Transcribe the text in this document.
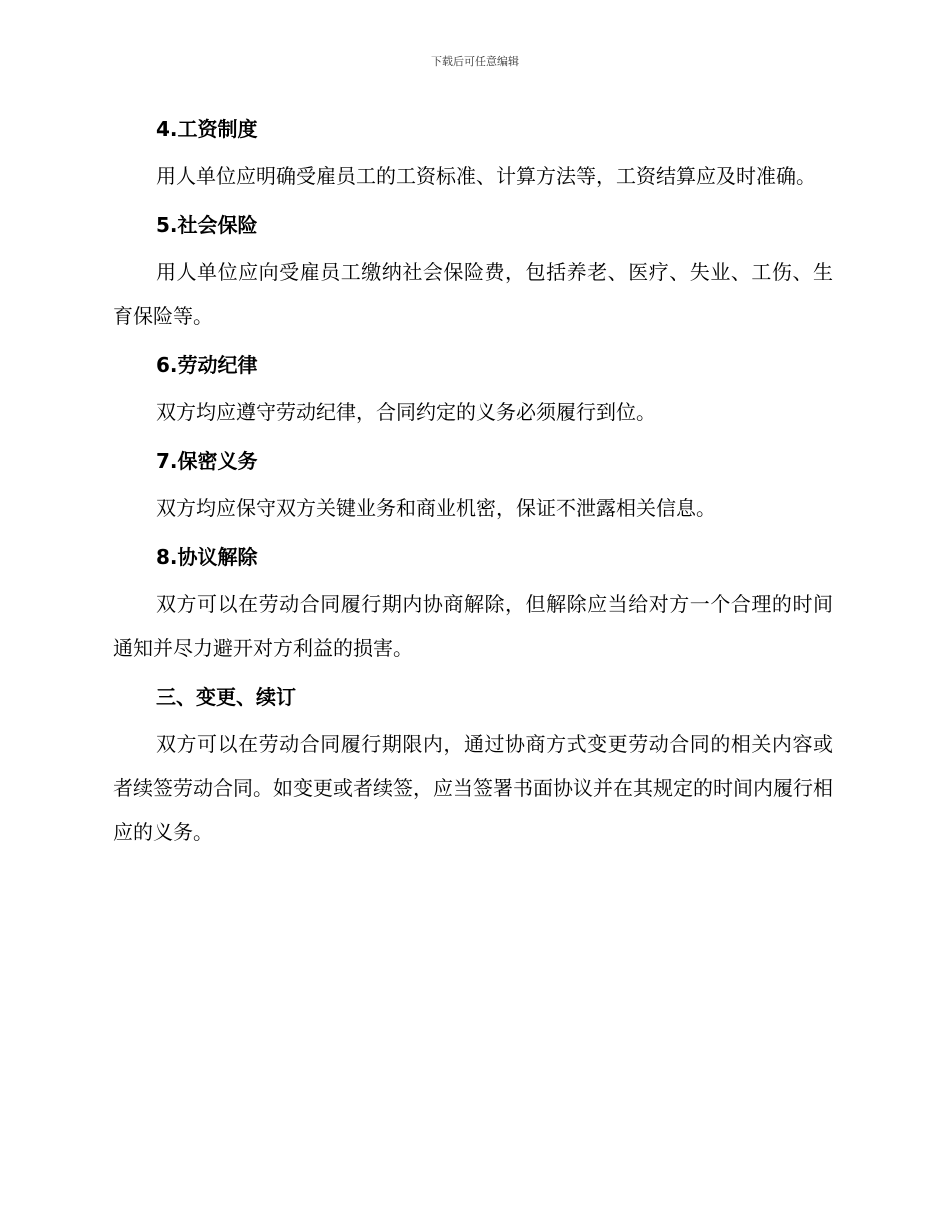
下载后可任意编辑
4.工资制度

用人单位应明确受雇员工的工资标准、计算方法等，工资结算应及时准确。

5.社会保险

用人单位应向受雇员工缴纳社会保险费，包括养老、医疗、失业、工伤、生育保险等。

6.劳动纪律

双方均应遵守劳动纪律，合同约定的义务必须履行到位。

7.保密义务

双方均应保守双方关键业务和商业机密，保证不泄露相关信息。

8.协议解除

双方可以在劳动合同履行期内协商解除，但解除应当给对方一个合理的时间通知并尽力避开对方利益的损害。

三、变更、续订

双方可以在劳动合同履行期限内，通过协商方式变更劳动合同的相关内容或者续签劳动合同。如变更或者续签，应当签署书面协议并在其规定的时间内履行相应的义务。
